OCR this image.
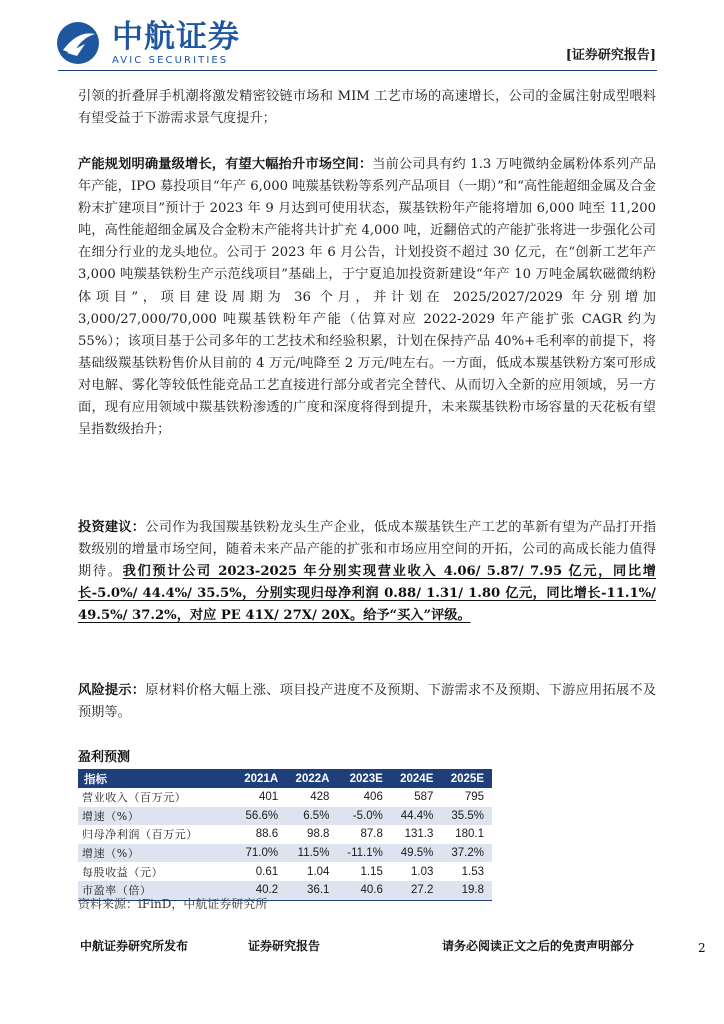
中航证券
AVIC SECURITIES	[证券研究报告]

引领的折叠屏手机潮将激发精密铰链市场和 MIM 工艺市场的高速增长，公司的金属注射成型喂料有望受益于下游需求景气度提升；

产能规划明确量级增长，有望大幅抬升市场空间：当前公司具有约 1.3 万吨微纳金属粉体系列产品年产能，IPO 募投项目“年产 6,000 吨羰基铁粉等系列产品项目（一期）”和“高性能超细金属及合金粉末扩建项目”预计于 2023 年 9 月达到可使用状态，羰基铁粉年产能将增加 6,000 吨至 11,200 吨，高性能超细金属及合金粉末产能将共计扩充 4,000 吨，近翻倍式的产能扩张将进一步强化公司在细分行业的龙头地位。公司于 2023 年 6 月公告，计划投资不超过 30 亿元，在“创新工艺年产 3,000 吨羰基铁粉生产示范线项目”基础上，于宁夏追加投资新建设“年产 10 万吨金属软磁微纳粉体项目”，项目建设周期为 36 个月，并计划在 2025/2027/2029 年分别增加 3,000/27,000/70,000 吨羰基铁粉年产能（估算对应 2022-2029 年产能扩张 CAGR 约为 55%）；该项目基于公司多年的工艺技术和经验积累，计划在保持产品 40%+毛利率的前提下，将基础级羰基铁粉售价从目前的 4 万元/吨降至 2 万元/吨左右。一方面，低成本羰基铁粉方案可形成对电解、雾化等较低性能竞品工艺直接进行部分或者完全替代、从而切入全新的应用领域，另一方面，现有应用领域中羰基铁粉渗透的广度和深度将得到提升，未来羰基铁粉市场容量的天花板有望呈指数级抬升；

投资建议：公司作为我国羰基铁粉龙头生产企业，低成本羰基铁生产工艺的革新有望为产品打开指数级别的增量市场空间，随着未来产品产能的扩张和市场应用空间的开拓，公司的高成长能力值得期待。我们预计公司 2023-2025 年分别实现营业收入 4.06/ 5.87/ 7.95 亿元，同比增长-5.0%/ 44.4%/ 35.5%，分别实现归母净利润 0.88/ 1.31/ 1.80 亿元，同比增长-11.1%/ 49.5%/ 37.2%，对应 PE 41X/ 27X/ 20X。给予“买入”评级。

风险提示：原材料价格大幅上涨、项目投产进度不及预期、下游需求不及预期、下游应用拓展不及预期等。

盈利预测
指标	2021A	2022A	2023E	2024E	2025E
营业收入（百万元）	401	428	406	587	795
增速（%）	56.6%	6.5%	-5.0%	44.4%	35.5%
归母净利润（百万元）	88.6	98.8	87.8	131.3	180.1
增速（%）	71.0%	11.5%	-11.1%	49.5%	37.2%
每股收益（元）	0.61	1.04	1.15	1.03	1.53
市盈率（倍）	40.2	36.1	40.6	27.2	19.8
资料来源：iFinD，中航证券研究所
中航证券研究所发布	证券研究报告	请务必阅读正文之后的免责声明部分	2
